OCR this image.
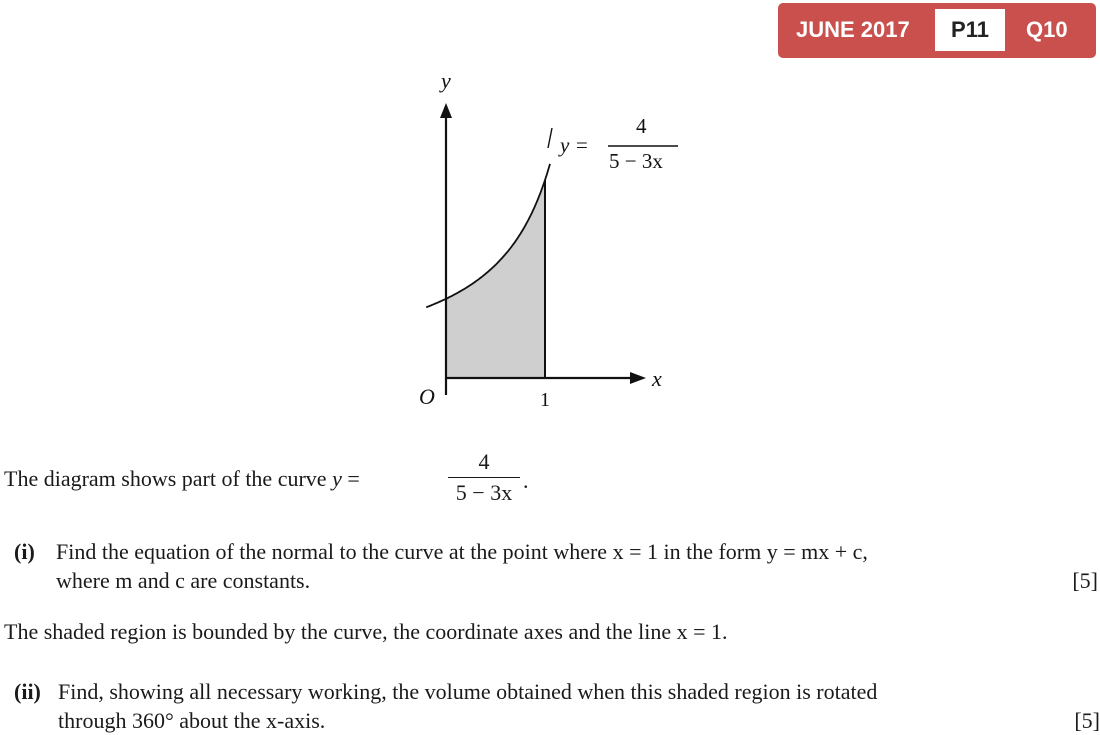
JUNE 2017	P11	Q10
y
x
O	1
y =
4
5 − 3x
The diagram shows part of the curve y =
4
5 − 3x .
(i) Find the equation of the normal to the curve at the point where x = 1 in the form y = mx + c,
where m and c are constants.	[5]
The shaded region is bounded by the curve, the coordinate axes and the line x = 1.
(ii) Find, showing all necessary working, the volume obtained when this shaded region is rotated
through 360° about the x-axis.	[5]
